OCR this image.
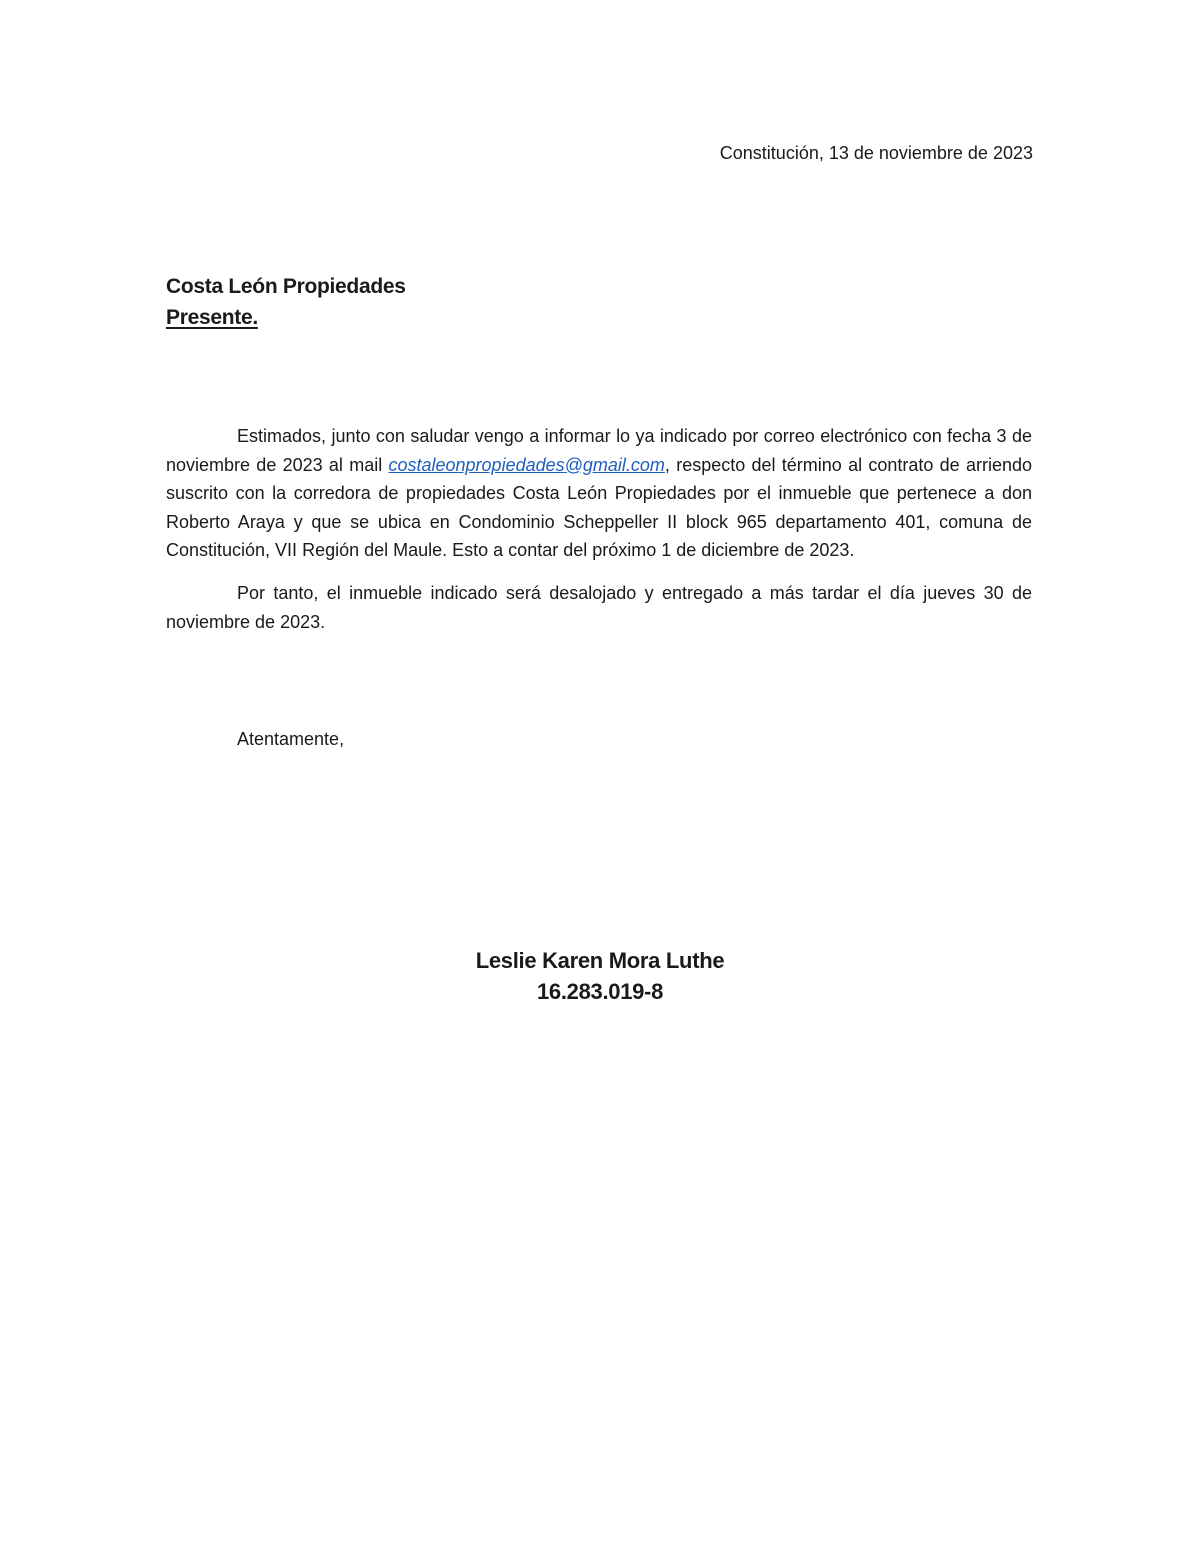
Constitución, 13 de noviembre de 2023
Costa León Propiedades
Presente.

Estimados, junto con saludar vengo a informar lo ya indicado por correo electrónico con fecha 3 de noviembre de 2023 al mail costaleonpropiedades@gmail.com, respecto del término al contrato de arriendo suscrito con la corredora de propiedades Costa León Propiedades por el inmueble que pertenece a don Roberto Araya y que se ubica en Condominio Scheppeller II block 965 departamento 401, comuna de Constitución, VII Región del Maule. Esto a contar del próximo 1 de diciembre de 2023.

Por tanto, el inmueble indicado será desalojado y entregado a más tardar el día jueves 30 de noviembre de 2023.

Atentamente,
Leslie Karen Mora Luthe
16.283.019-8
